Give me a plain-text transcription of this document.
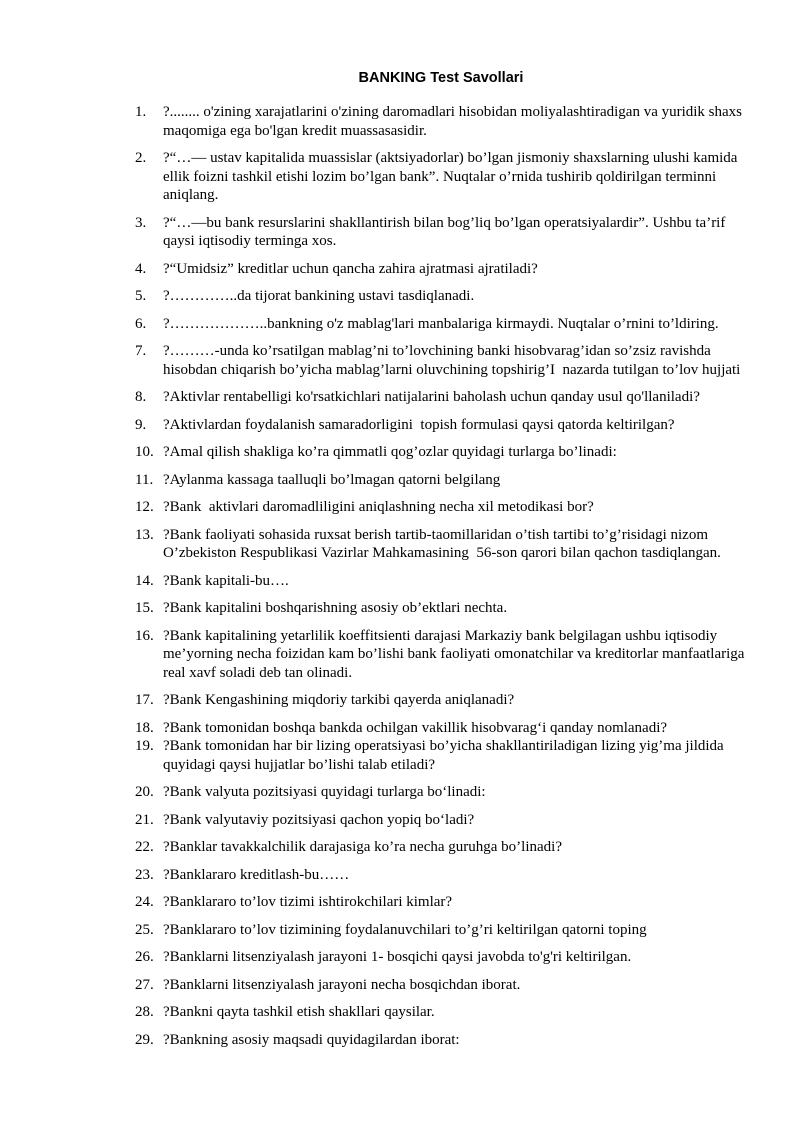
BANKING Test Savollari
1.	?........ o'zining xarajatlarini o'zining daromadlari hisobidan moliyalashtiradigan va yuridik shaxs maqomiga ega bo'lgan kredit muassasasidir.
2.	?“…— ustav kapitalida muassislar (aktsiyadorlar) bo’lgan jismoniy shaxslarning ulushi kamida ellik foizni tashkil etishi lozim bo’lgan bank”. Nuqtalar o’rnida tushirib qoldirilgan terminni aniqlang.
3.	?“…—bu bank resurslarini shakllantirish bilan bog’liq bo’lgan operatsiyalardir”. Ushbu ta’rif qaysi iqtisodiy terminga xos.
4.	?“Umidsiz” kreditlar uchun qancha zahira ajratmasi ajratiladi?
5.	?…………..da tijorat bankining ustavi tasdiqlanadi.
6.	?………………..bankning o'z mablag'lari manbalariga kirmaydi. Nuqtalar o’rnini to’ldiring.
7.	?………-unda ko’rsatilgan mablag’ni to’lovchining banki hisobvarag’idan so’zsiz ravishda hisobdan chiqarish bo’yicha mablag’larni oluvchining topshirig’I  nazarda tutilgan to’lov hujjati
8.	?Aktivlar rentabelligi ko'rsatkichlari natijalarini baholash uchun qanday usul qo'llaniladi?
9.	?Aktivlardan foydalanish samaradorligini  topish formulasi qaysi qatorda keltirilgan?
10. ?Amal qilish shakliga ko’ra qimmatli qog’ozlar quyidagi turlarga bo’linadi:
11. ?Aylanma kassaga taalluqli bo’lmagan qatorni belgilang
12. ?Bank  aktivlari daromadliligini aniqlashning necha xil metodikasi bor?
13. ?Bank faoliyati sohasida ruxsat berish tartib-taomillaridan o’tish tartibi to’g’risidagi nizom O’zbekiston Respublikasi Vazirlar Mahkamasining  56-son qarori bilan qachon tasdiqlangan.
14. ?Bank kapitali-bu….
15. ?Bank kapitalini boshqarishning asosiy ob’ektlari nechta.
16. ?Bank kapitalining yetarlilik koeffitsienti darajasi Markaziy bank belgilagan ushbu iqtisodiy me’yorning necha foizidan kam bo’lishi bank faoliyati omonatchilar va kreditorlar manfaatlariga real xavf soladi deb tan olinadi.
17. ?Bank Kengashining miqdoriy tarkibi qayerda aniqlanadi?
18. ?Bank tomonidan boshqa bankda ochilgan vakillik hisobvarag‘i qanday nomlanadi?
19. ?Bank tomonidan har bir lizing operatsiyasi bo’yicha shakllantiriladigan lizing yig’ma jildida quyidagi qaysi hujjatlar bo’lishi talab etiladi?
20. ?Bank valyuta pozitsiyasi quyidagi turlarga bo‘linadi:
21. ?Bank valyutaviy pozitsiyasi qachon yopiq bo‘ladi?
22. ?Banklar tavakkalchilik darajasiga ko’ra necha guruhga bo’linadi?
23. ?Banklararo kreditlash-bu……
24. ?Banklararo to’lov tizimi ishtirokchilari kimlar?
25. ?Banklararo to’lov tizimining foydalanuvchilari to’g’ri keltirilgan qatorni toping
26. ?Banklarni litsenziyalash jarayoni 1- bosqichi qaysi javobda to'g'ri keltirilgan.
27. ?Banklarni litsenziyalash jarayoni necha bosqichdan iborat.
28. ?Bankni qayta tashkil etish shakllari qaysilar.
29. ?Bankning asosiy maqsadi quyidagilardan iborat:
